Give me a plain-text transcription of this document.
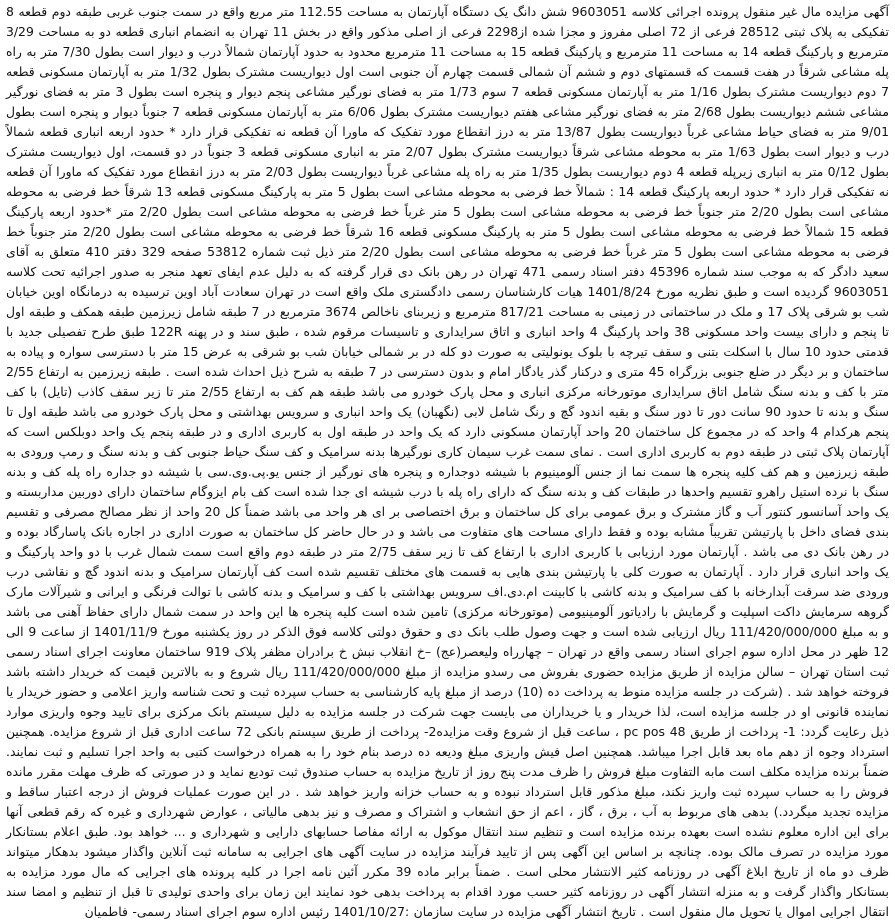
آگهی مزایده مال غیر منقول پرونده اجرائی کلاسه 9603051 شش دانگ یک دستگاه آپارتمان به مساحت 112.55 متر مربع واقع در سمت جنوب غربی طبقه دوم قطعه 8 تفکیکی به پلاک ثبتی 28512 فرعی از 72 اصلی مفروز و مجزا شده از2298 فرعی از اصلی مذکور واقع در بخش 11 تهران به انضمام انباری قطعه دو به مساحت 3/29 مترمربع و پارکینگ قطعه 14 به مساحت 11 مترمربع و پارکینگ قطعه 15 به مساحت 11 مترمربع محدود به حدود آپارتمان شمالاً درب و دیوار است بطول 7/30 متر به راه پله مشاعی شرقاً در هفت قسمت که قسمتهای دوم و ششم آن شمالی قسمت چهارم آن جنوبی است اول دیواریست مشترک بطول 1/32 متر به آپارتمان مسکونی قطعه 7 دوم دیواریست مشترک بطول 1/16 متر به آپارتمان مسکونی قطعه 7 سوم 1/73 متر به فضای نورگیر مشاعی پنجم دیوار و پنجره است بطول 3 متر به فضای نورگیر مشاعی ششم دیواریست بطول 2/68 متر به فضای نورگیر مشاعی هفتم دیواریست مشترک بطول 6/06 متر به آپارتمان مسکونی قطعه 7 جنوباً دیوار و پنجره است بطول 9/01 متر به فضای حیاط مشاعی غرباً دیواریست بطول 13/87 متر به درز انقطاع مورد تفکیک که ماورا آن قطعه نه تفکیکی قرار دارد * حدود اربعه انباری قطعه شمالاً درب و دیوار است بطول 1/63 متر به محوطه مشاعی شرقاً دیواریست مشترک بطول 2/07 متر به انباری مسکونی قطعه 3 جنوباً در دو قسمت، اول دیواریست مشترک بطول 0/12 متر به انباری زیرپله قطعه 4 دوم دیواریست بطول 1/35 متر به راه پله مشاعی غرباً دیواریست بطول 2/03 متر به درز انقطاع مورد تفکیک که ماورا آن قطعه نه تفکیکی قرار دارد * حدود اربعه پارکینگ قطعه 14 : شمالاً خط فرضی به محوطه مشاعی است بطول 5 متر به پارکینگ مسکونی قطعه 13 شرقاً خط فرضی به محوطه مشاعی است بطول 2/20 متر جنوباً خط فرضی به محوطه مشاعی است بطول 5 متر غرباً خط فرضی به محوطه مشاعی است بطول 2/20 متر *حدود اربعه پارکینگ قطعه 15 شمالاً خط فرضی به محوطه مشاعی است بطول 5 متر به پارکینگ مسکونی قطعه 16 شرقاً خط فرضی به محوطه مشاعی است بطول 2/20 متر جنوباً خط فرضی به محوطه مشاعی است بطول 5 متر غرباً خط فرضی به محوطه مشاعی است بطول 2/20 متر ذیل ثبت شماره 53812 صفحه 329 دفتر 410 متعلق به آقای سعید دادگر که به موجب سند شماره 45396 دفتر اسناد رسمی 471 تهران در رهن بانک دی قرار گرفته که به دلیل عدم ایفای تعهد منجر به صدور اجرائیه تحت کلاسه 9603051 گردیده است و طبق نظریه مورخ 1401/8/24 هیات کارشناسان رسمی دادگستری ملک واقع است در تهران سعادت آباد اوین ترسیده به درمانگاه اوین خیابان شب بو شرقی پلاک 17 و ملک در ساختمانی در زمینی به مساحت 817/21 مترمربع و زیربنای ناخالص 3674 مترمربع در 7 طبقه شامل زیرزمین طبقه همکف و طبقه اول تا پنجم و دارای بیست واحد مسکونی 38 واحد پارکینگ 4 واحد انباری و اتاق سرایداری و تاسیسات مرقوم شده ، طبق سند و در پهنه 122R طبق طرح تفصیلی جدید با قدمتی حدود 10 سال با اسکلت بتنی و سقف تیرچه با بلوک یونولیتی به صورت دو کله در بر شمالی خیابان شب بو شرقی به عرض 15 متر با دسترسی سواره و پیاده به ساختمان و بر دیگر در ضلع جنوبی بزرگراه 45 متری و درکنار گذر یادگار امام و بدون دسترسی در 7 طبقه به شرح ذیل احداث شده است . طبقه زیرزمین به ارتفاع 2/55 متر با کف و بدنه سنگ شامل اتاق سرایداری موتورخانه مرکزی انباری و محل پارک خودرو می باشد طبقه هم کف به ارتفاع 2/55 متر تا زیر سقف کاذب (تایل) با کف سنگ و بدنه تا حدود 90 سانت دور تا دور سنگ و بقیه اندود گچ و رنگ شامل لابی (نگهبان) یک واحد انباری و سرویس بهداشتی و محل پارک خودرو می باشد طبقه اول تا پنجم هرکدام 4 واحد که در مجموع کل ساختمان 20 واحد آپارتمان مسکونی دارد که یک واحد در طبقه اول به کاربری اداری و در طبقه پنجم یک واحد دوبلکس است که آپارتمان پلاک ثبتی در طبقه دوم به کاربری اداری است . نمای سمت غرب سیمان کاری نورگیرها بدنه سرامیک و کف سنگ حیاط جنوبی کف و بدنه سنگ و رمپ ورودی به طبقه زیرزمین و هم کف کلیه پنجره ها سمت نما از جنس آلومینیوم با شیشه دوجداره و پنجره های نورگیر از جنس یو.پی.وی.سی با شیشه دو جداره راه پله کف و بدنه سنگ با نرده استیل راهرو تقسیم واحدها در طبقات کف و بدنه سنگ که دارای راه پله با درب شیشه ای جدا شده است کف بام ایزوگام ساختمان دارای دوربین مداربسته و یک واحد آسانسور کنتور آب و گاز مشترک و برق عمومی برای کل ساختمان و برق اختصاصی بر ای هر واحد می باشد ضمناً کل 20 واحد از نظر مصالح مصرفی و تقسیم بندی فضای داخل با پارتیشن تقریباً مشابه بوده و فقط دارای مساحت های متفاوت می باشد و در حال حاضر کل ساختمان به صورت اداری در اجاره بانک پاسارگاد بوده و در رهن بانک دی می باشد . آپارتمان مورد ارزیابی با کاربری اداری با ارتفاع کف تا زیر سقف 2/75 متر در طبقه دوم واقع است سمت شمال غرب با دو واحد پارکینگ و یک واحد انباری قرار دارد . آپارتمان به صورت کلی با پارتیشن بندی هایی به قسمت های مختلف تقسیم شده است کف آپارتمان سرامیک و بدنه اندود گچ و نقاشی درب ورودی ضد سرقت آبدارخانه با کف سرامیک و بدنه کاشی با کابینت ام.دی.اف سرویس بهداشتی با کف و سرامیک و بدنه کاشی با توالت فرنگی و ایرانی و شیرآلات مارک گروهه سرمایش داکت اسپلیت و گرمایش با رادیاتور آلومینیومی (موتورخانه مرکزی) تامین شده است کلیه پنجره ها این واحد در سمت شمال دارای حفاظ آهنی می باشد و به مبلغ 111/420/000/000 ریال ارزیابی شده است و جهت وصول طلب بانک دی و حقوق دولتی کلاسه فوق الذکر در روز یکشنبه مورخ 1401/11/9 از ساعت 9 الی 12 ظهر در محل اداره سوم اجرای اسناد رسمی واقع در تهران – چهارراه ولیعصر(عج) –خ انقلاب نبش خ برادران مظفر پلاک 919 ساختمان معاونت اجرای اسناد رسمی ثبت استان تهران – سالن مزایده از طریق مزایده حضوری بفروش می رسدو مزایده از مبلغ 111/420/000/000 ریال شروع و به بالاترین قیمت که خریدار داشته باشد فروخته خواهد شد . (شرکت در جلسه مزایده منوط به پرداخت ده (10) درصد از مبلغ پایه کارشناسی به حساب سپرده ثبت و تحت شناسه واریز اعلامی و حضور خریدار یا نماینده قانونی او در جلسه مزایده است، لذا خریدار و یا خریداران می بایست جهت شرکت در جلسه مزایده به دلیل سیستم بانک مرکزی برای تایید وجوه واریزی موارد ذیل رعایت گردد: 1- پرداخت از طریق 48 pc pos ، ساعت قبل از شروع وقت مزایده2- پرداخت از طریق سیستم بانکی 72 ساعت اداری قبل از شروع مزایده. همچنین استرداد وجوه از دهم ماه بعد قابل اجرا میباشد. همچنین اصل فیش واریزی مبلغ ودیعه ده درصد بنام خود را به همراه درخواست کتبی به واحد اجرا تسلیم و ثبت نمایند. ضمناً برنده مزایده مکلف است مابه التفاوت مبلغ فروش را ظرف مدت پنج روز از تاریخ مزایده به حساب صندوق ثبت تودیع نماید و در صورتی که ظرف مهلت مقرر مانده فروش را به حساب سپرده ثبت واریز نکند، مبلغ مذکور قابل استرداد نبوده و به حساب خزانه واریز خواهد شد . در این صورت عملیات فروش از درجه اعتبار ساقط و مزایده تجدید میگردد.) بدهی های مربوط به آب ، برق ، گاز ، اعم از حق انشعاب و اشتراک و مصرف و نیز بدهی مالیاتی ، عوارض شهرداری و غیره که رقم قطعی آنها برای این اداره معلوم نشده است بعهده برنده مزایده است و تنظیم سند انتقال موکول به ارائه مفاصا حسابهای دارایی و شهرداری و ... خواهد بود. طبق اعلام بستانکار مورد مزایده در تصرف مالک بوده. چنانچه بر اساس این آگهی پس از تایید فرآیند مزایده در سایت آگهی های اجرایی به سامانه ثبت آنلاین واگذار میشود بدهکار میتواند ظرف دو ماه از تاریخ ابلاغ آگهی در روزنامه کثیر الانتشار محلی است . ضمناً برابر ماده 39 مکرر آئین نامه اجرا در کلیه پرونده های اجرایی که مال مورد مزایده به بستانکار واگذار گرفت و به منزله انتشار آگهی در روزنامه کثیر حسب مورد اقدام به پرداخت بدهی خود نمایند این زمان برای واحدی تولیدی تا قبل از تنظیم و امضا سند انتقال اجرایی اموال یا تحویل مال منقول است . تاریخ انتشار آگهی مزایده در سایت سازمان :1401/10/27 رئیس اداره سوم اجرای اسناد رسمی- فاطمیان
